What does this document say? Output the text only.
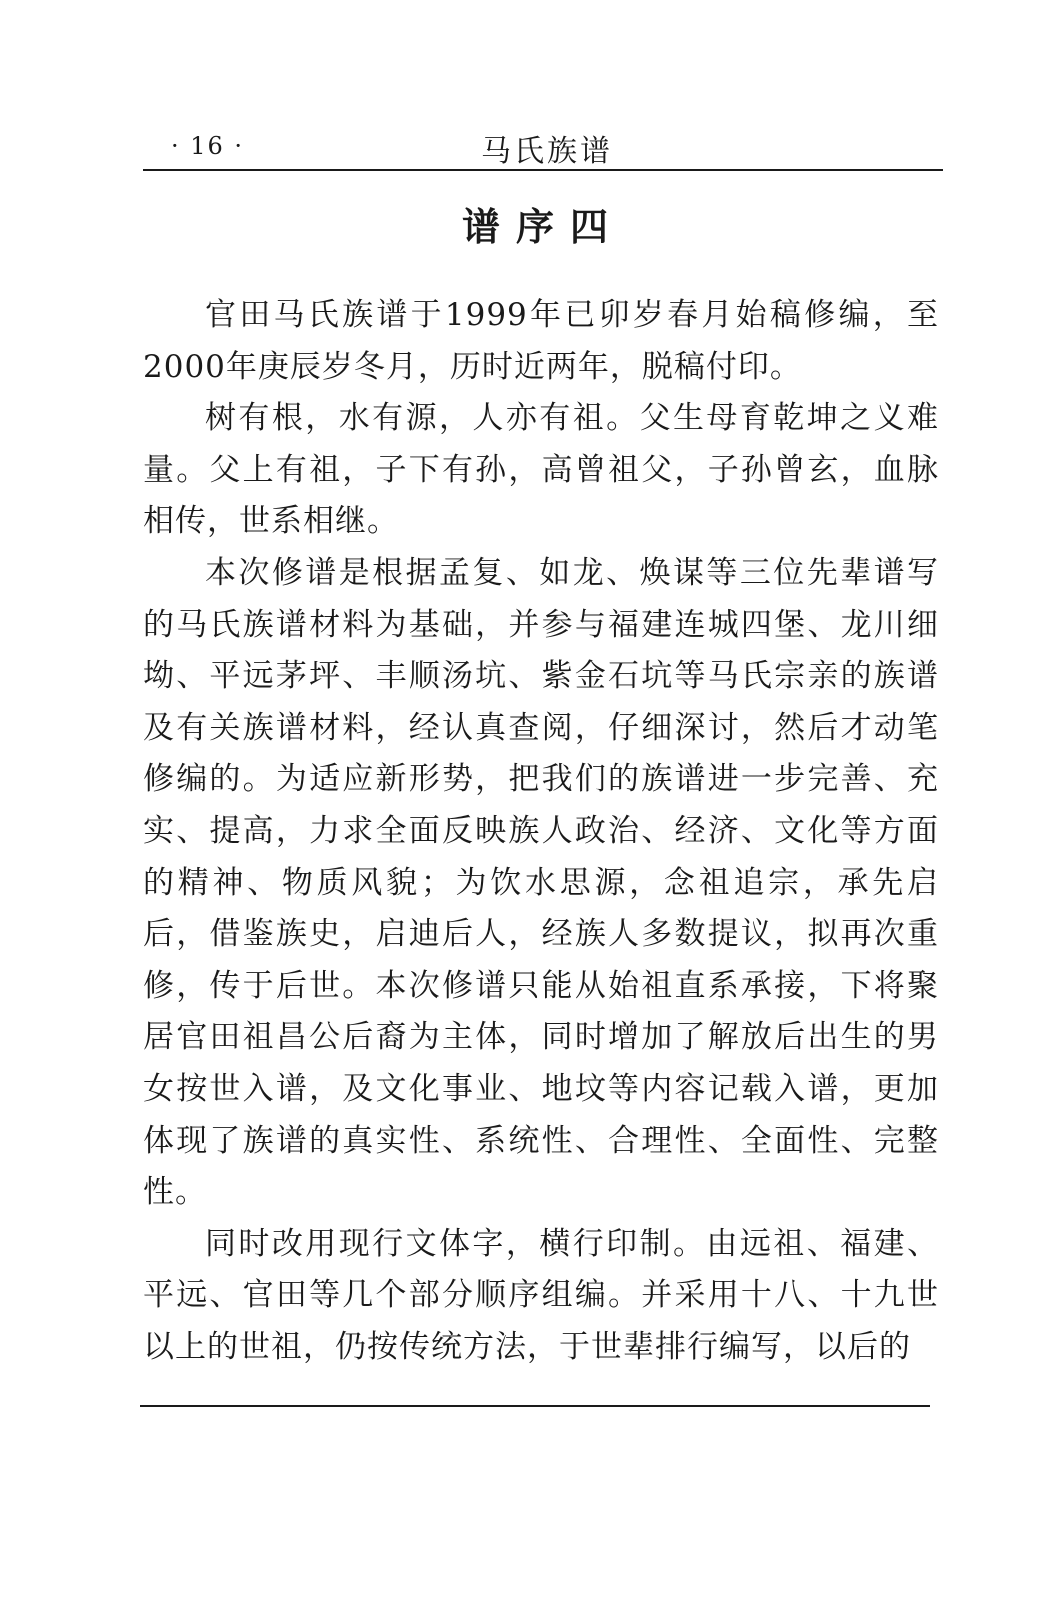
· 16 ·	马氏族谱
谱序四

官田马氏族谱于1999年已卯岁春月始稿修编，至2000年庚辰岁冬月，历时近两年，脱稿付印。

树有根，水有源，人亦有祖。父生母育乾坤之义难量。父上有祖，子下有孙，高曾祖父，子孙曾玄，血脉相传，世系相继。

本次修谱是根据孟复、如龙、焕谋等三位先辈谱写的马氏族谱材料为基础，并参与福建连城四堡、龙川细坳、平远茅坪、丰顺汤坑、紫金石坑等马氏宗亲的族谱及有关族谱材料，经认真查阅，仔细深讨，然后才动笔修编的。为适应新形势，把我们的族谱进一步完善、充实、提高，力求全面反映族人政治、经济、文化等方面的精神、物质风貌；为饮水思源，念祖追宗，承先启后，借鉴族史，启迪后人，经族人多数提议，拟再次重修，传于后世。本次修谱只能从始祖直系承接，下将聚居官田祖昌公后裔为主体，同时增加了解放后出生的男女按世入谱，及文化事业、地坟等内容记载入谱，更加体现了族谱的真实性、系统性、合理性、全面性、完整性。

同时改用现行文体字，横行印制。由远祖、福建、平远、官田等几个部分顺序组编。并采用十八、十九世以上的世祖，仍按传统方法，于世辈排行编写，以后的
